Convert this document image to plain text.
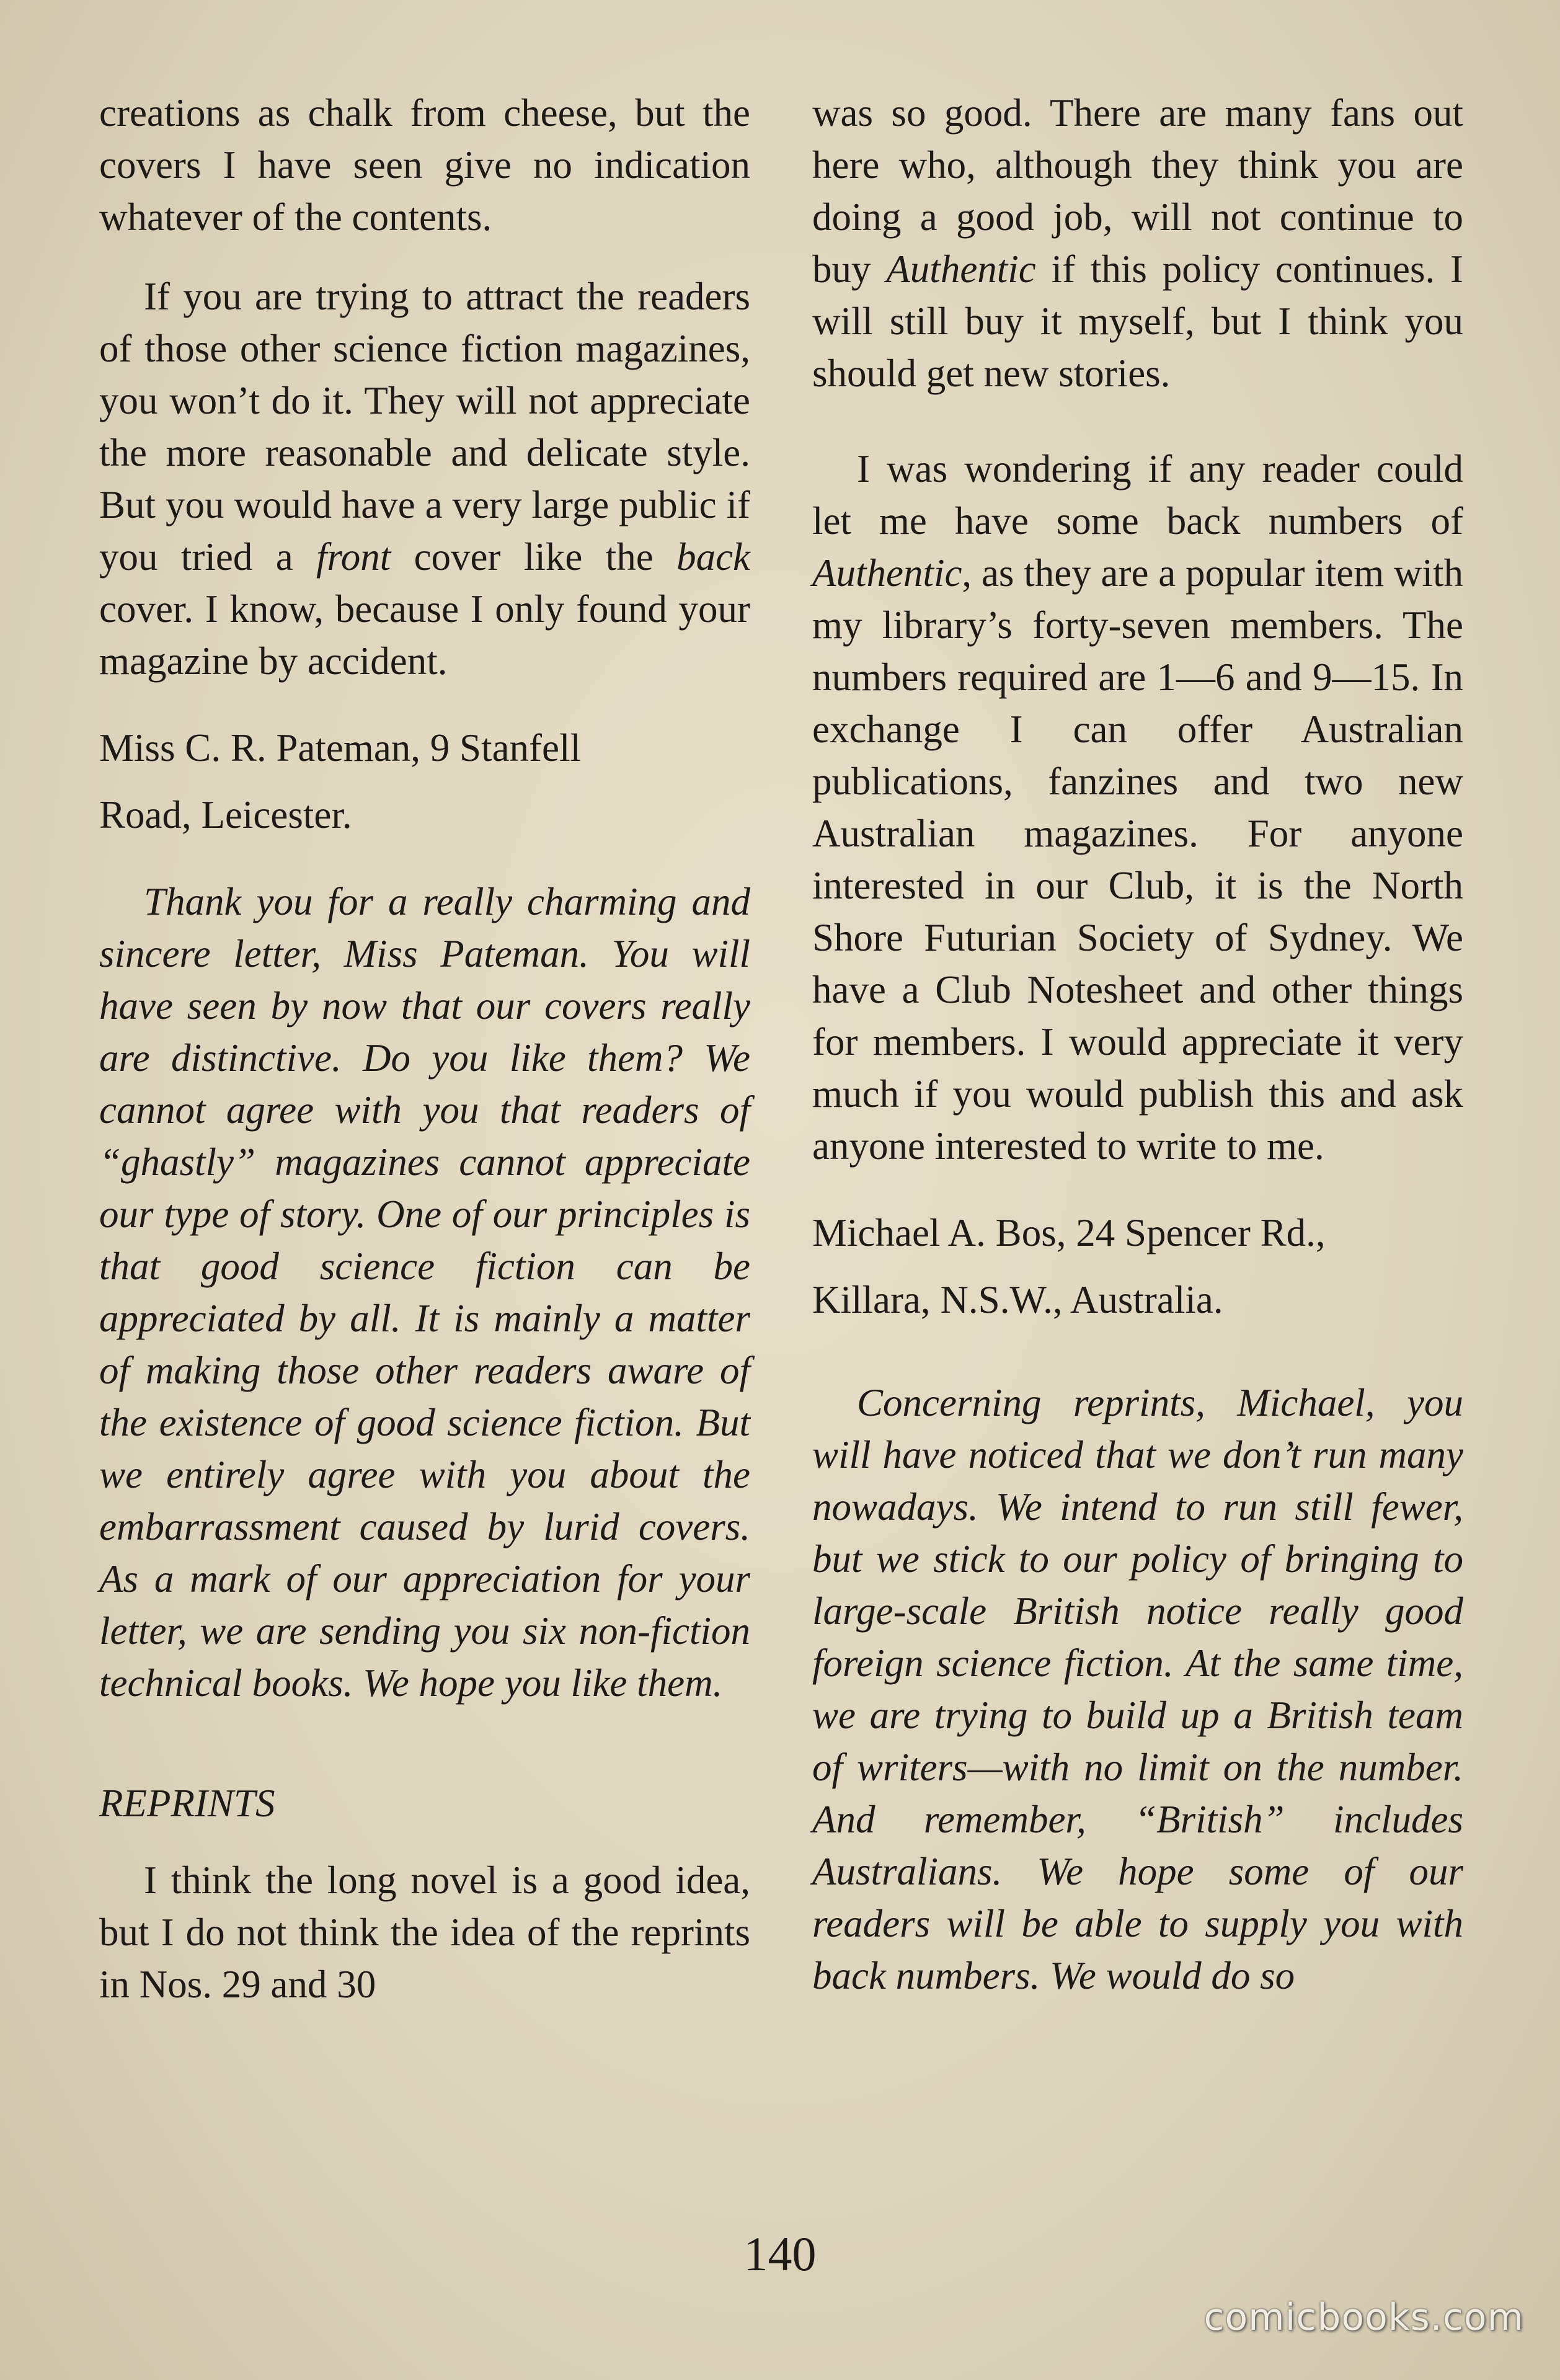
creations as chalk from cheese, but the covers I have seen give no indication whatever of the contents.

If you are trying to attract the readers of those other science fiction magazines, you won’t do it. They will not appreciate the more reasonable and delicate style. But you would have a very large public if you tried a front cover like the back cover. I know, because I only found your magazine by accident.

Miss C. R. Pateman, 9 Stanfell
Road, Leicester.

Thank you for a really charming and sincere letter, Miss Pateman. You will have seen by now that our covers really are distinctive. Do you like them? We cannot agree with you that readers of “ghastly” magazines cannot appreciate our type of story. One of our principles is that good science fiction can be appreciated by all. It is mainly a matter of making those other readers aware of the existence of good science fiction. But we entirely agree with you about the embarrassment caused by lurid covers. As a mark of our appreciation for your letter, we are sending you six non-fiction technical books. We hope you like them.

REPRINTS

I think the long novel is a good idea, but I do not think the idea of the reprints in Nos. 29 and 30

was so good. There are many fans out here who, although they think you are doing a good job, will not continue to buy Authentic if this policy continues. I will still buy it myself, but I think you should get new stories.

I was wondering if any reader could let me have some back numbers of Authentic, as they are a popular item with my library’s forty-seven members. The numbers required are 1—6 and 9—15. In exchange I can offer Australian publications, fanzines and two new Australian magazines. For anyone interested in our Club, it is the North Shore Futurian Society of Sydney. We have a Club Notesheet and other things for members. I would appreciate it very much if you would publish this and ask anyone interested to write to me.

Michael A. Bos, 24 Spencer Rd.,
Killara, N.S.W., Australia.

Concerning reprints, Michael, you will have noticed that we don’t run many nowadays. We intend to run still fewer, but we stick to our policy of bringing to large-scale British notice really good foreign science fiction. At the same time, we are trying to build up a British team of writers—with no limit on the number. And remember, “British” includes Australians. We hope some of our readers will be able to supply you with back numbers. We would do so

140
comicbooks.com
